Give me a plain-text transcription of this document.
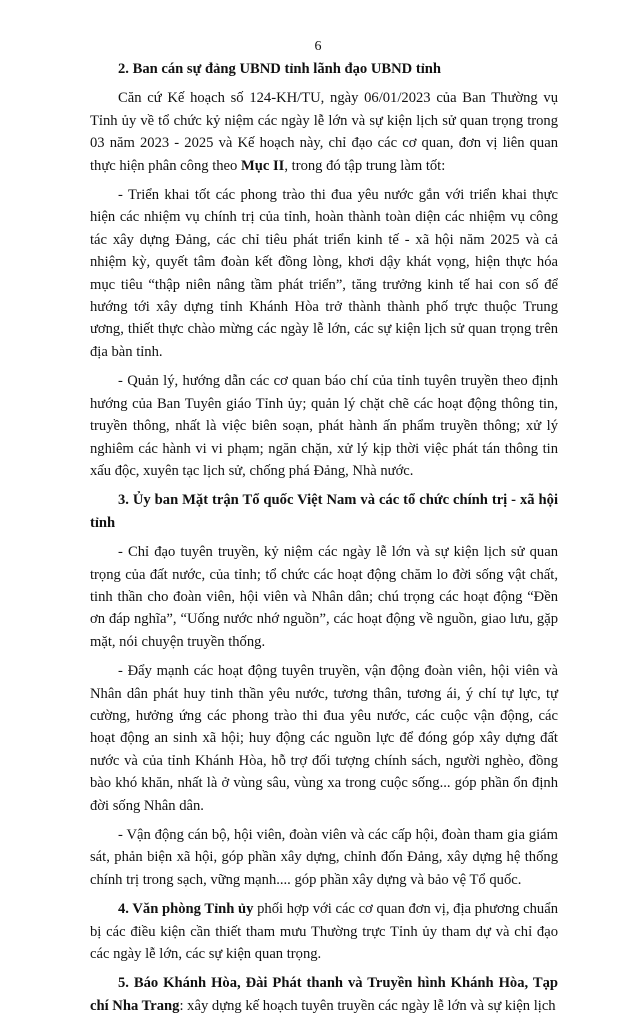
6

2. Ban cán sự đảng UBND tỉnh lãnh đạo UBND tỉnh

Căn cứ Kế hoạch số 124-KH/TU, ngày 06/01/2023 của Ban Thường vụ Tỉnh ủy về tổ chức kỷ niệm các ngày lễ lớn và sự kiện lịch sử quan trọng trong 03 năm 2023 - 2025 và Kế hoạch này, chỉ đạo các cơ quan, đơn vị liên quan thực hiện phân công theo Mục II, trong đó tập trung làm tốt:

- Triển khai tốt các phong trào thi đua yêu nước gắn với triển khai thực hiện các nhiệm vụ chính trị của tỉnh, hoàn thành toàn diện các nhiệm vụ công tác xây dựng Đảng, các chỉ tiêu phát triển kinh tế - xã hội năm 2025 và cả nhiệm kỳ, quyết tâm đoàn kết đồng lòng, khơi dậy khát vọng, hiện thực hóa mục tiêu “thập niên nâng tầm phát triển”, tăng trưởng kinh tế hai con số để hướng tới xây dựng tỉnh Khánh Hòa trở thành thành phố trực thuộc Trung ương, thiết thực chào mừng các ngày lễ lớn, các sự kiện lịch sử quan trọng trên địa bàn tỉnh.

- Quản lý, hướng dẫn các cơ quan báo chí của tỉnh tuyên truyền theo định hướng của Ban Tuyên giáo Tỉnh ủy; quản lý chặt chẽ các hoạt động thông tin, truyền thông, nhất là việc biên soạn, phát hành ấn phẩm truyền thông; xử lý nghiêm các hành vi vi phạm; ngăn chặn, xử lý kịp thời việc phát tán thông tin xấu độc, xuyên tạc lịch sử, chống phá Đảng, Nhà nước.

3. Ủy ban Mặt trận Tổ quốc Việt Nam và các tổ chức chính trị - xã hội tỉnh

- Chỉ đạo tuyên truyền, kỷ niệm các ngày lễ lớn và sự kiện lịch sử quan trọng của đất nước, của tỉnh; tổ chức các hoạt động chăm lo đời sống vật chất, tinh thần cho đoàn viên, hội viên và Nhân dân; chú trọng các hoạt động “Đền ơn đáp nghĩa”, “Uống nước nhớ nguồn”, các hoạt động về nguồn, giao lưu, gặp mặt, nói chuyện truyền thống.

- Đẩy mạnh các hoạt động tuyên truyền, vận động đoàn viên, hội viên và Nhân dân phát huy tinh thần yêu nước, tương thân, tương ái, ý chí tự lực, tự cường, hưởng ứng các phong trào thi đua yêu nước, các cuộc vận động, các hoạt động an sinh xã hội; huy động các nguồn lực để đóng góp xây dựng đất nước và của tỉnh Khánh Hòa, hỗ trợ đối tượng chính sách, người nghèo, đồng bào khó khăn, nhất là ở vùng sâu, vùng xa trong cuộc sống... góp phần ổn định đời sống Nhân dân.

- Vận động cán bộ, hội viên, đoàn viên và các cấp hội, đoàn tham gia giám sát, phản biện xã hội, góp phần xây dựng, chỉnh đốn Đảng, xây dựng hệ thống chính trị trong sạch, vững mạnh.... góp phần xây dựng và bảo vệ Tổ quốc.

4. Văn phòng Tỉnh ủy phối hợp với các cơ quan đơn vị, địa phương chuẩn bị các điều kiện cần thiết tham mưu Thường trực Tỉnh ủy tham dự và chỉ đạo các ngày lễ lớn, các sự kiện quan trọng.

5. Báo Khánh Hòa, Đài Phát thanh và Truyền hình Khánh Hòa, Tạp chí Nha Trang: xây dựng kế hoạch tuyên truyền các ngày lễ lớn và sự kiện lịch
